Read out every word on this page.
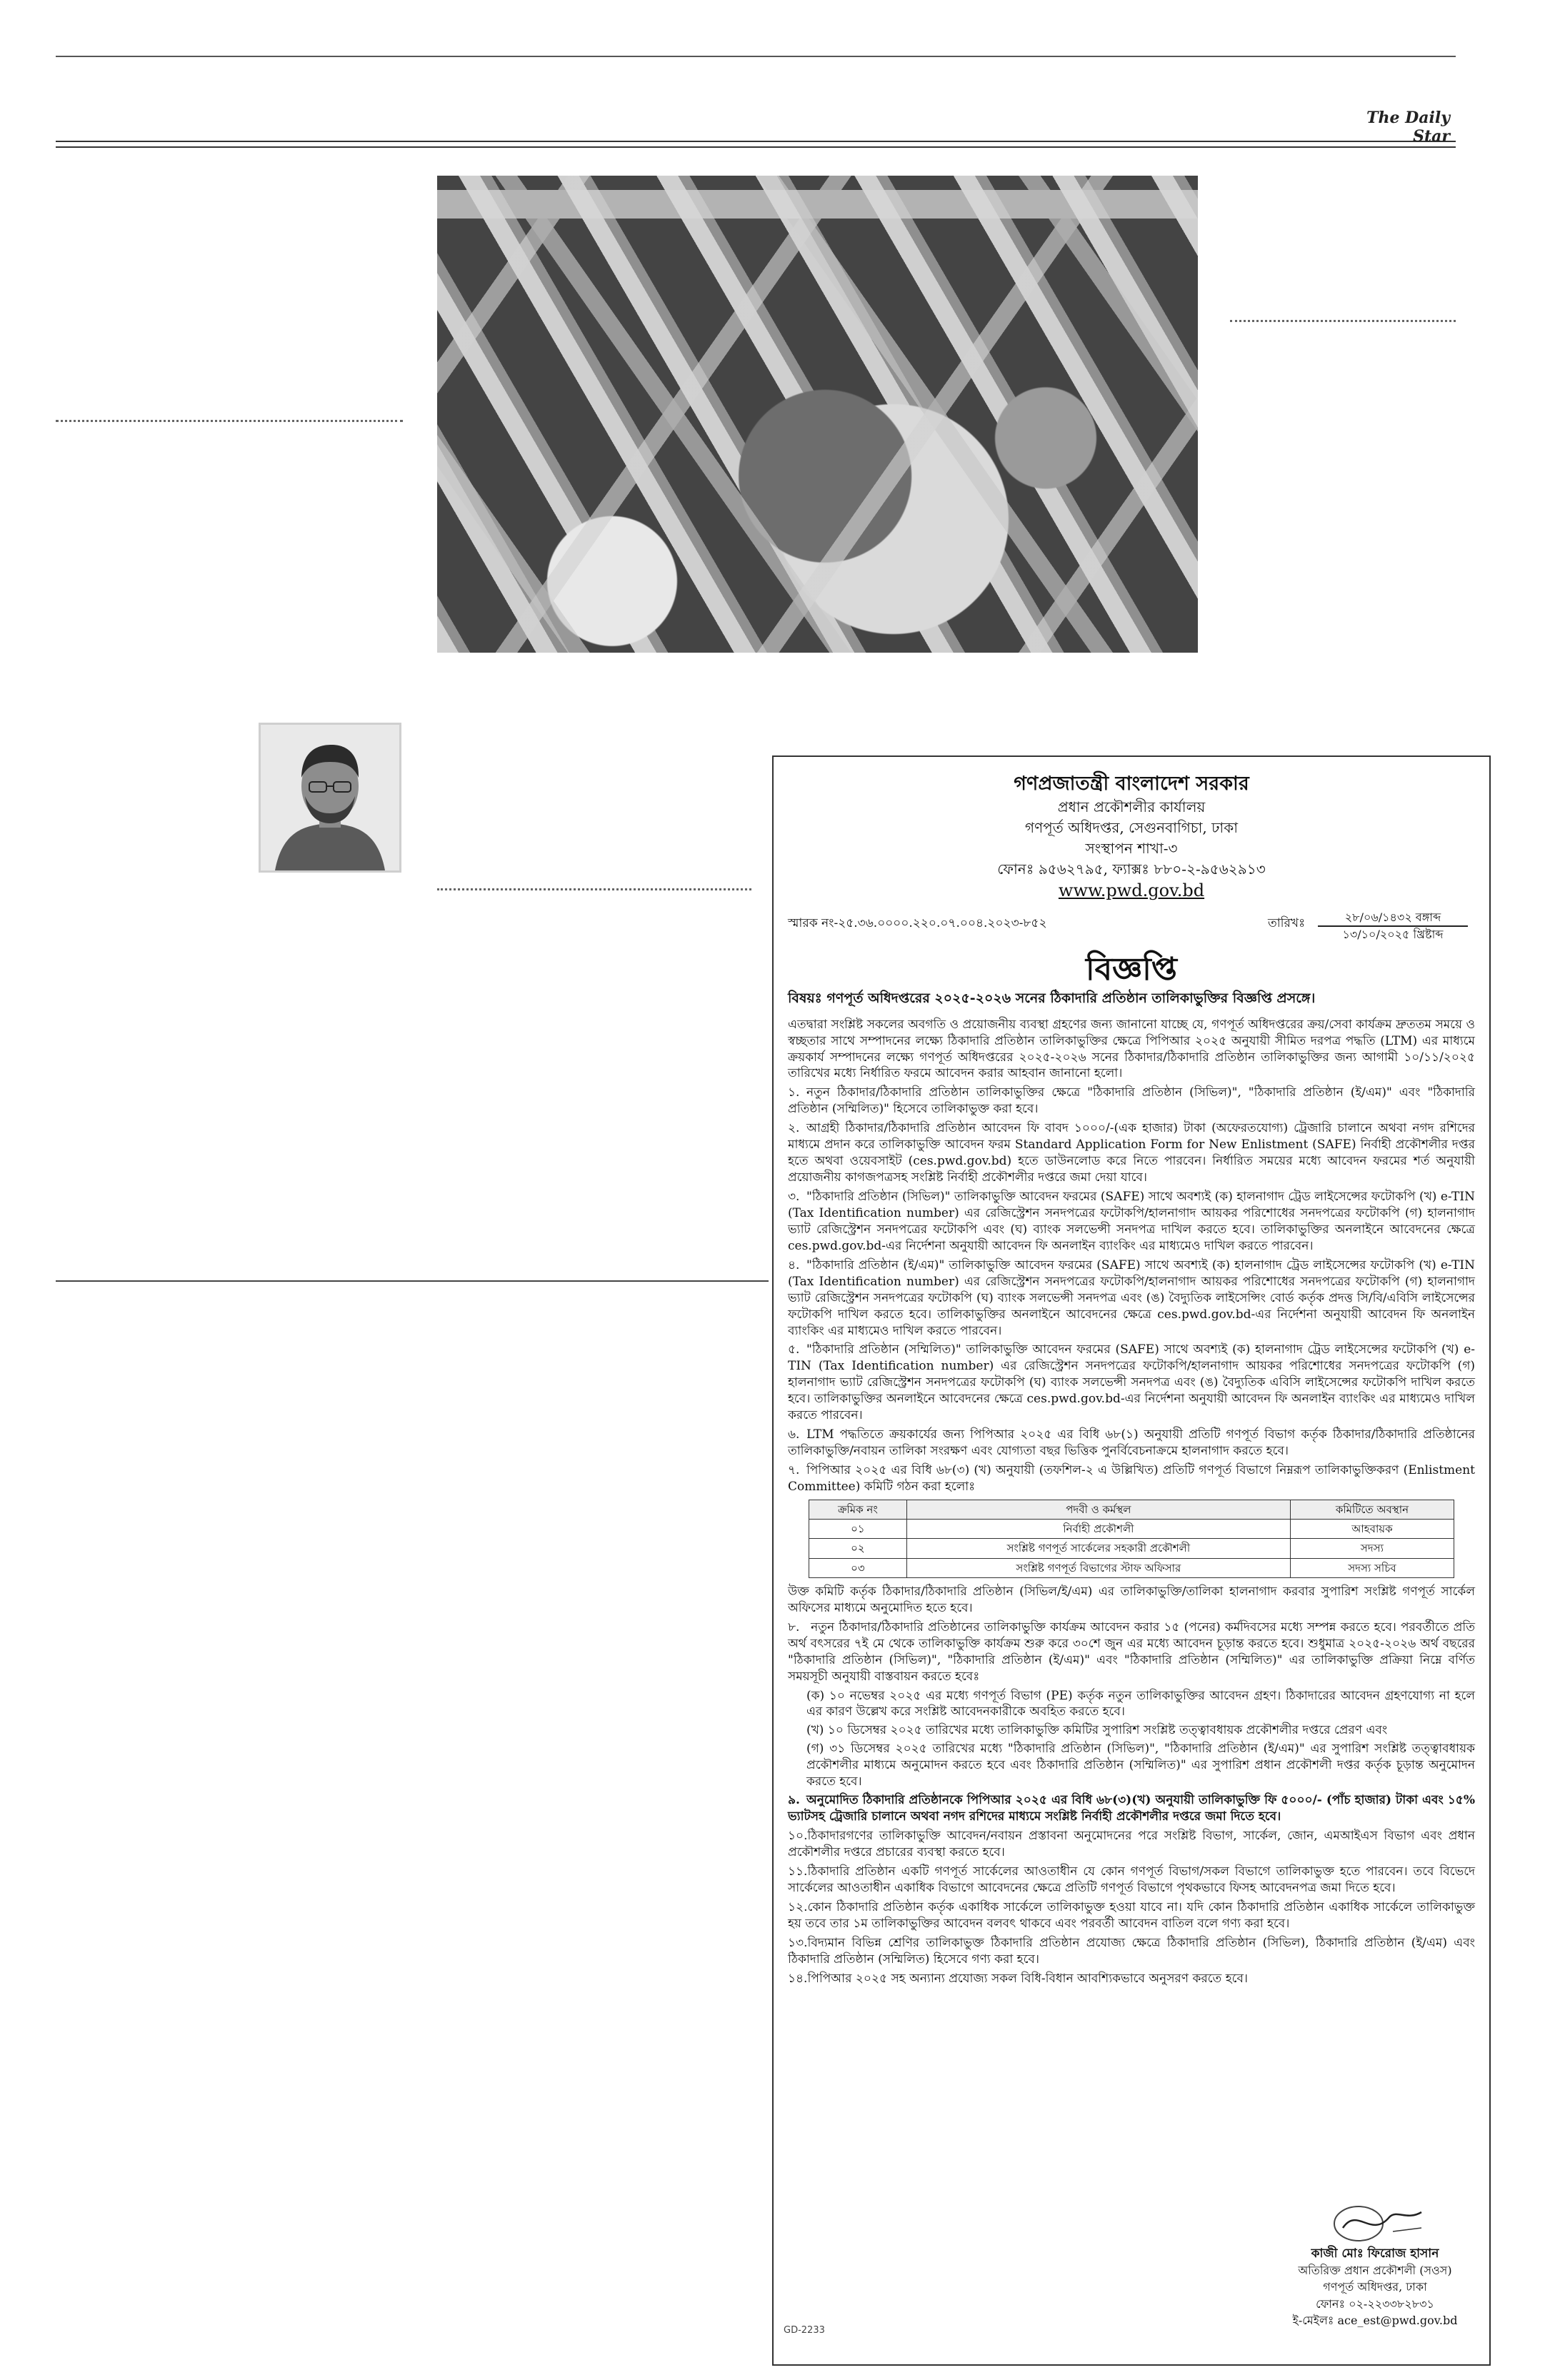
The Daily Star
গণপ্রজাতন্ত্রী বাংলাদেশ সরকার
প্রধান প্রকৌশলীর কার্যালয়
গণপূর্ত অধিদপ্তর, সেগুনবাগিচা, ঢাকা
সংস্থাপন শাখা-৩
ফোনঃ ৯৫৬২৭৯৫, ফ্যাক্সঃ ৮৮০-২-৯৫৬২৯১৩
www.pwd.gov.bd
স্মারক নং-২৫.৩৬.০০০০.২২০.০৭.০০৪.২০২৩-৮৫২	তারিখঃ	২৮/০৬/১৪৩২ বঙ্গাব্দ
১৩/১০/২০২৫ খ্রিষ্টাব্দ
বিজ্ঞপ্তি
বিষয়ঃ গণপূর্ত অধিদপ্তরের ২০২৫-২০২৬ সনের ঠিকাদারি প্রতিষ্ঠান তালিকাভুক্তির বিজ্ঞপ্তি প্রসঙ্গে।
এতদ্বারা সংশ্লিষ্ট সকলের অবগতি ও প্রয়োজনীয় ব্যবস্থা গ্রহণের জন্য জানানো যাচ্ছে যে, গণপূর্ত অধিদপ্তরের ক্রয়/সেবা কার্যক্রম দ্রুততম সময়ে ও স্বচ্ছতার সাথে সম্পাদনের লক্ষ্যে ঠিকাদারি প্রতিষ্ঠান তালিকাভুক্তির ক্ষেত্রে পিপিআর ২০২৫ অনুযায়ী সীমিত দরপত্র পদ্ধতি (LTM) এর মাধ্যমে ক্রয়কার্য সম্পাদনের লক্ষ্যে গণপূর্ত অধিদপ্তরের ২০২৫-২০২৬ সনের ঠিকাদার/ঠিকাদারি প্রতিষ্ঠান তালিকাভুক্তির জন্য আগামী ১০/১১/২০২৫ তারিখের মধ্যে নির্ধারিত ফরমে আবেদন করার আহবান জানানো হলো।
১. নতুন ঠিকাদার/ঠিকাদারি প্রতিষ্ঠান তালিকাভুক্তির ক্ষেত্রে "ঠিকাদারি প্রতিষ্ঠান (সিভিল)", "ঠিকাদারি প্রতিষ্ঠান (ই/এম)" এবং "ঠিকাদারি প্রতিষ্ঠান (সম্মিলিত)" হিসেবে তালিকাভুক্ত করা হবে।
২. আগ্রহী ঠিকাদার/ঠিকাদারি প্রতিষ্ঠান আবেদন ফি বাবদ ১০০০/-(এক হাজার) টাকা (অফেরতযোগ্য) ট্রেজারি চালানে অথবা নগদ রশিদের মাধ্যমে প্রদান করে তালিকাভুক্তি আবেদন ফরম Standard Application Form for New Enlistment (SAFE) নির্বাহী প্রকৌশলীর দপ্তর হতে অথবা ওয়েবসাইট (ces.pwd.gov.bd) হতে ডাউনলোড করে নিতে পারবেন। নির্ধারিত সময়ের মধ্যে আবেদন ফরমের শর্ত অনুযায়ী প্রয়োজনীয় কাগজপত্রসহ সংশ্লিষ্ট নির্বাহী প্রকৌশলীর দপ্তরে জমা দেয়া যাবে।
৩. "ঠিকাদারি প্রতিষ্ঠান (সিভিল)" তালিকাভুক্তি আবেদন ফরমের (SAFE) সাথে অবশ্যই (ক) হালনাগাদ ট্রেড লাইসেন্সের ফটোকপি (খ) e-TIN (Tax Identification number) এর রেজিস্ট্রেশন সনদপত্রের ফটোকপি/হালনাগাদ আয়কর পরিশোধের সনদপত্রের ফটোকপি (গ) হালনাগাদ ভ্যাট রেজিস্ট্রেশন সনদপত্রের ফটোকপি এবং (ঘ) ব্যাংক সলভেন্সী সনদপত্র দাখিল করতে হবে। তালিকাভুক্তির অনলাইনে আবেদনের ক্ষেত্রে ces.pwd.gov.bd-এর নির্দেশনা অনুযায়ী আবেদন ফি অনলাইন ব্যাংকিং এর মাধ্যমেও দাখিল করতে পারবেন।
৪. "ঠিকাদারি প্রতিষ্ঠান (ই/এম)" তালিকাভুক্তি আবেদন ফরমের (SAFE) সাথে অবশ্যই (ক) হালনাগাদ ট্রেড লাইসেন্সের ফটোকপি (খ) e-TIN (Tax Identification number) এর রেজিস্ট্রেশন সনদপত্রের ফটোকপি/হালনাগাদ আয়কর পরিশোধের সনদপত্রের ফটোকপি (গ) হালনাগাদ ভ্যাট রেজিস্ট্রেশন সনদপত্রের ফটোকপি (ঘ) ব্যাংক সলভেন্সী সনদপত্র এবং (ঙ) বৈদ্যুতিক লাইসেন্সিং বোর্ড কর্তৃক প্রদত্ত সি/বি/এবিসি লাইসেন্সের ফটোকপি দাখিল করতে হবে। তালিকাভুক্তির অনলাইনে আবেদনের ক্ষেত্রে ces.pwd.gov.bd-এর নির্দেশনা অনুযায়ী আবেদন ফি অনলাইন ব্যাংকিং এর মাধ্যমেও দাখিল করতে পারবেন।
৫. "ঠিকাদারি প্রতিষ্ঠান (সম্মিলিত)" তালিকাভুক্তি আবেদন ফরমের (SAFE) সাথে অবশ্যই (ক) হালনাগাদ ট্রেড লাইসেন্সের ফটোকপি (খ) e-TIN (Tax Identification number) এর রেজিস্ট্রেশন সনদপত্রের ফটোকপি/হালনাগাদ আয়কর পরিশোধের সনদপত্রের ফটোকপি (গ) হালনাগাদ ভ্যাট রেজিস্ট্রেশন সনদপত্রের ফটোকপি (ঘ) ব্যাংক সলভেন্সী সনদপত্র এবং (ঙ) বৈদ্যুতিক এবিসি লাইসেন্সের ফটোকপি দাখিল করতে হবে। তালিকাভুক্তির অনলাইনে আবেদনের ক্ষেত্রে ces.pwd.gov.bd-এর নির্দেশনা অনুযায়ী আবেদন ফি অনলাইন ব্যাংকিং এর মাধ্যমেও দাখিল করতে পারবেন।
৬. LTM পদ্ধতিতে ক্রয়কার্যের জন্য পিপিআর ২০২৫ এর বিধি ৬৮(১) অনুযায়ী প্রতিটি গণপূর্ত বিভাগ কর্তৃক ঠিকাদার/ঠিকাদারি প্রতিষ্ঠানের তালিকাভুক্তি/নবায়ন তালিকা সংরক্ষণ এবং যোগ্যতা বছর ভিত্তিক পুনর্বিবেচনাক্রমে হালনাগাদ করতে হবে।
৭. পিপিআর ২০২৫ এর বিধি ৬৮(৩) (খ) অনুযায়ী (তফশিল-২ এ উল্লিখিত) প্রতিটি গণপূর্ত বিভাগে নিম্নরূপ তালিকাভুক্তিকরণ (Enlistment Committee) কমিটি গঠন করা হলোঃ
ক্রমিক নং	পদবী ও কর্মস্থল	কমিটিতে অবস্থান
০১	নির্বাহী প্রকৌশলী	আহবায়ক
০২	সংশ্লিষ্ট গণপূর্ত সার্কেলের সহকারী প্রকৌশলী	সদস্য
০৩	সংশ্লিষ্ট গণপূর্ত বিভাগের স্টাফ অফিসার	সদস্য সচিব
উক্ত কমিটি কর্তৃক ঠিকাদার/ঠিকাদারি প্রতিষ্ঠান (সিভিল/ই/এম) এর তালিকাভুক্তি/তালিকা হালনাগাদ করবার সুপারিশ সংশ্লিষ্ট গণপূর্ত সার্কেল অফিসের মাধ্যমে অনুমোদিত হতে হবে।
৮. নতুন ঠিকাদার/ঠিকাদারি প্রতিষ্ঠানের তালিকাভুক্তি কার্যক্রম আবেদন করার ১৫ (পনের) কর্মদিবসের মধ্যে সম্পন্ন করতে হবে। পরবর্তীতে প্রতি অর্থ বৎসরের ৭ই মে থেকে তালিকাভুক্তি কার্যক্রম শুরু করে ৩০শে জুন এর মধ্যে আবেদন চূড়ান্ত করতে হবে। শুধুমাত্র ২০২৫-২০২৬ অর্থ বছরের "ঠিকাদারি প্রতিষ্ঠান (সিভিল)", "ঠিকাদারি প্রতিষ্ঠান (ই/এম)" এবং "ঠিকাদারি প্রতিষ্ঠান (সম্মিলিত)" এর তালিকাভুক্তি প্রক্রিয়া নিম্নে বর্ণিত সময়সূচী অনুযায়ী বাস্তবায়ন করতে হবেঃ
(ক) ১০ নভেম্বর ২০২৫ এর মধ্যে গণপূর্ত বিভাগ (PE) কর্তৃক নতুন তালিকাভুক্তির আবেদন গ্রহণ। ঠিকাদারের আবেদন গ্রহণযোগ্য না হলে এর কারণ উল্লেখ করে সংশ্লিষ্ট আবেদনকারীকে অবহিত করতে হবে।
(খ) ১০ ডিসেম্বর ২০২৫ তারিখের মধ্যে তালিকাভুক্তি কমিটির সুপারিশ সংশ্লিষ্ট তত্ত্বাবধায়ক প্রকৌশলীর দপ্তরে প্রেরণ এবং
(গ) ৩১ ডিসেম্বর ২০২৫ তারিখের মধ্যে "ঠিকাদারি প্রতিষ্ঠান (সিভিল)", "ঠিকাদারি প্রতিষ্ঠান (ই/এম)" এর সুপারিশ সংশ্লিষ্ট তত্ত্বাবধায়ক প্রকৌশলীর মাধ্যমে অনুমোদন করতে হবে এবং ঠিকাদারি প্রতিষ্ঠান (সম্মিলিত)" এর সুপারিশ প্রধান প্রকৌশলী দপ্তর কর্তৃক চূড়ান্ত অনুমোদন করতে হবে।
৯. অনুমোদিত ঠিকাদারি প্রতিষ্ঠানকে পিপিআর ২০২৫ এর বিধি ৬৮(৩)(খ) অনুযায়ী তালিকাভুক্তি ফি ৫০০০/- (পাঁচ হাজার) টাকা এবং ১৫% ভ্যাটসহ ট্রেজারি চালানে অথবা নগদ রশিদের মাধ্যমে সংশ্লিষ্ট নির্বাহী প্রকৌশলীর দপ্তরে জমা দিতে হবে।
১০.ঠিকাদারগণের তালিকাভুক্তি আবেদন/নবায়ন প্রস্তাবনা অনুমোদনের পরে সংশ্লিষ্ট বিভাগ, সার্কেল, জোন, এমআইএস বিভাগ এবং প্রধান প্রকৌশলীর দপ্তরে প্রচারের ব্যবস্থা করতে হবে।
১১.ঠিকাদারি প্রতিষ্ঠান একটি গণপূর্ত সার্কেলের আওতাধীন যে কোন গণপূর্ত বিভাগ/সকল বিভাগে তালিকাভুক্ত হতে পারবেন। তবে বিভেদে সার্কেলের আওতাধীন একাধিক বিভাগে আবেদনের ক্ষেত্রে প্রতিটি গণপূর্ত বিভাগে পৃথকভাবে ফিসহ আবেদনপত্র জমা দিতে হবে।
১২.কোন ঠিকাদারি প্রতিষ্ঠান কর্তৃক একাধিক সার্কেলে তালিকাভুক্ত হওয়া যাবে না। যদি কোন ঠিকাদারি প্রতিষ্ঠান একাধিক সার্কেলে তালিকাভুক্ত হয় তবে তার ১ম তালিকাভুক্তির আবেদন বলবৎ থাকবে এবং পরবর্তী আবেদন বাতিল বলে গণ্য করা হবে।
১৩.বিদ্যমান বিভিন্ন শ্রেণির তালিকাভুক্ত ঠিকাদারি প্রতিষ্ঠান প্রযোজ্য ক্ষেত্রে ঠিকাদারি প্রতিষ্ঠান (সিভিল), ঠিকাদারি প্রতিষ্ঠান (ই/এম) এবং ঠিকাদারি প্রতিষ্ঠান (সম্মিলিত) হিসেবে গণ্য করা হবে।
১৪.পিপিআর ২০২৫ সহ অন্যান্য প্রযোজ্য সকল বিধি-বিধান আবশ্যিকভাবে অনুসরণ করতে হবে।
কাজী মোঃ ফিরোজ হাসান
অতিরিক্ত প্রধান প্রকৌশলী (সওস)
গণপূর্ত অধিদপ্তর, ঢাকা
ফোনঃ ০২-২২৩৩৮২৮৩১
ই-মেইলঃ ace_est@pwd.gov.bd
GD-2233
